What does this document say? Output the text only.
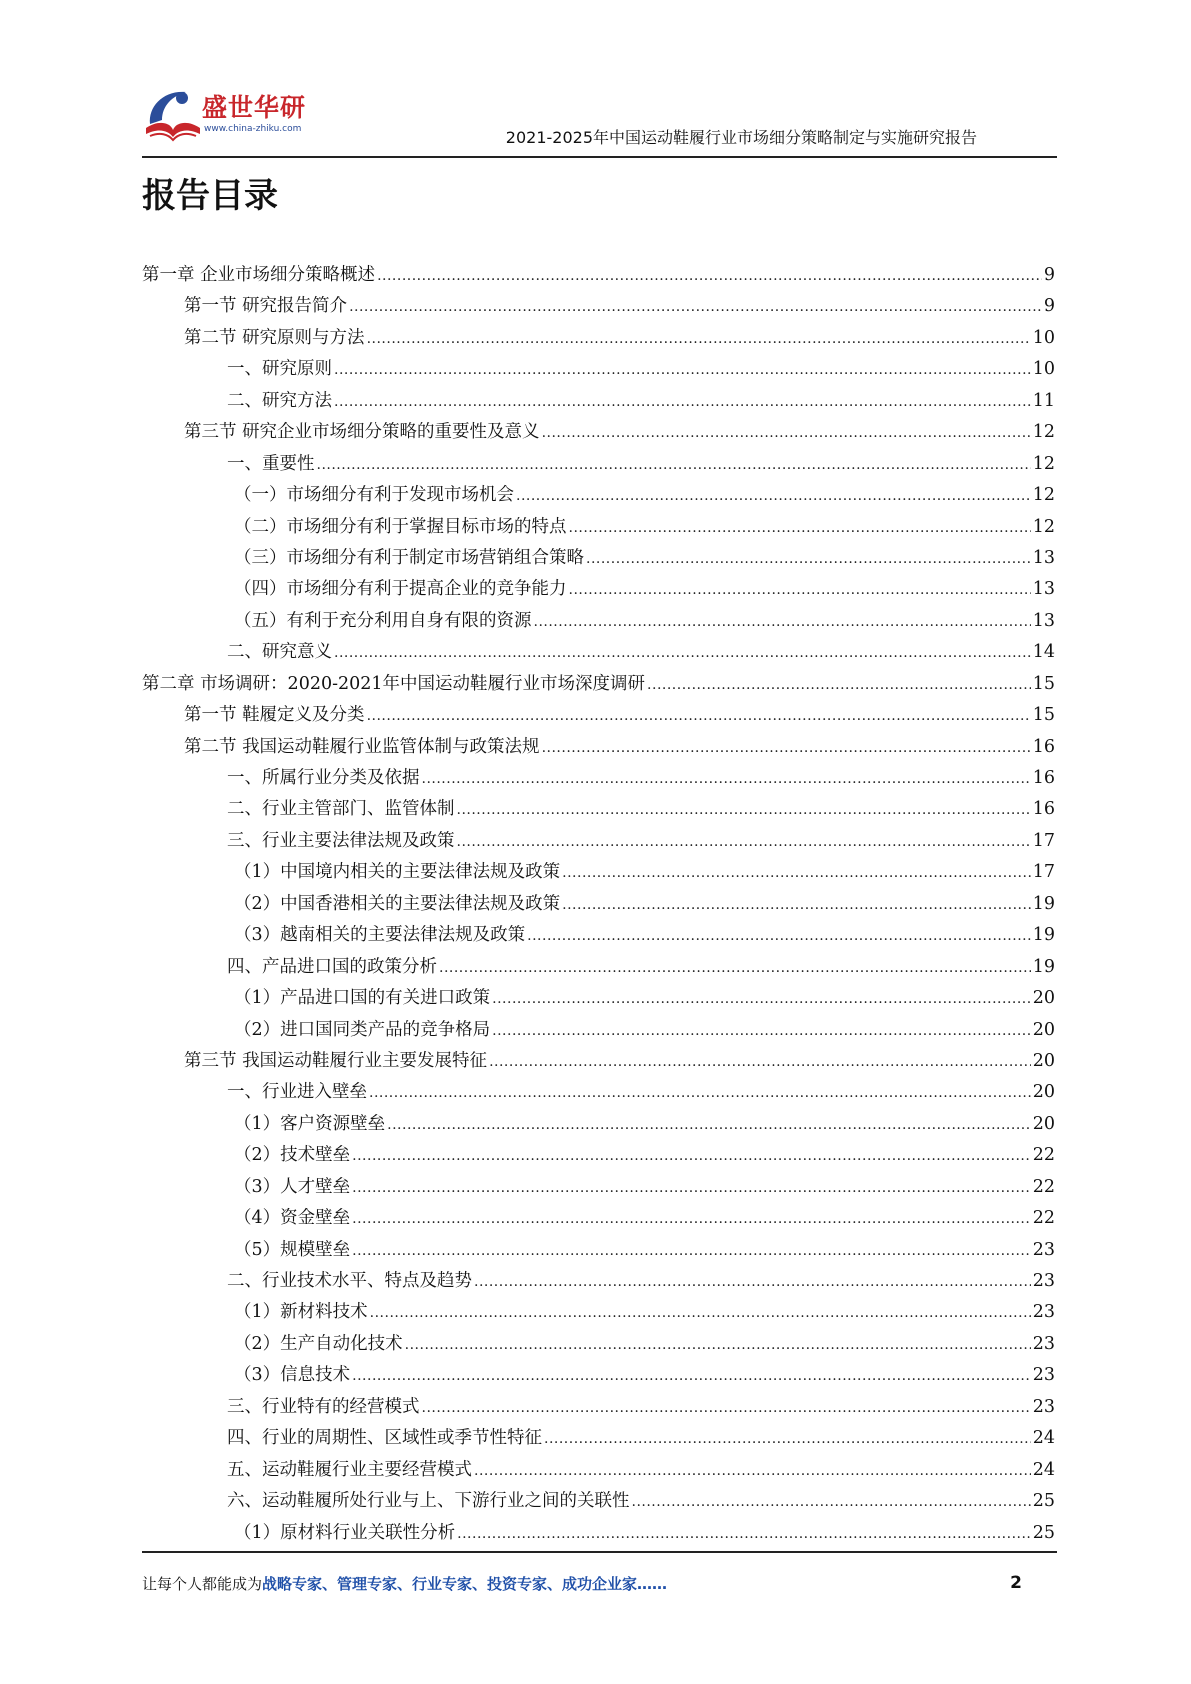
盛世华研
www.china-zhiku.com	2021-2025年中国运动鞋履行业市场细分策略制定与实施研究报告
报告目录
第一章 企业市场细分策略概述 .....	9
第一节 研究报告简介 .....	9
第二节 研究原则与方法 .....	10
一、研究原则 .....	10
二、研究方法 .....	11
第三节 研究企业市场细分策略的重要性及意义 .....	12
一、重要性 .....	12
（一）市场细分有利于发现市场机会 .....	12
（二）市场细分有利于掌握目标市场的特点 .....	12
（三）市场细分有利于制定市场营销组合策略 .....	13
（四）市场细分有利于提高企业的竞争能力 .....	13
（五）有利于充分利用自身有限的资源 .....	13
二、研究意义 .....	14
第二章 市场调研：2020-2021年中国运动鞋履行业市场深度调研 .....	15
第一节 鞋履定义及分类 .....	15
第二节 我国运动鞋履行业监管体制与政策法规 .....	16
一、所属行业分类及依据 .....	16
二、行业主管部门、监管体制 .....	16
三、行业主要法律法规及政策 .....	17
（1）中国境内相关的主要法律法规及政策 .....	17
（2）中国香港相关的主要法律法规及政策 .....	19
（3）越南相关的主要法律法规及政策 .....	19
四、产品进口国的政策分析 .....	19
（1）产品进口国的有关进口政策 .....	20
（2）进口国同类产品的竞争格局 .....	20
第三节 我国运动鞋履行业主要发展特征 .....	20
一、行业进入壁垒 .....	20
（1）客户资源壁垒 .....	20
（2）技术壁垒 .....	22
（3）人才壁垒 .....	22
（4）资金壁垒 .....	22
（5）规模壁垒 .....	23
二、行业技术水平、特点及趋势 .....	23
（1）新材料技术 .....	23
（2）生产自动化技术 .....	23
（3）信息技术 .....	23
三、行业特有的经营模式 .....	23
四、行业的周期性、区域性或季节性特征 .....	24
五、运动鞋履行业主要经营模式 .....	24
六、运动鞋履所处行业与上、下游行业之间的关联性 .....	25
（1）原材料行业关联性分析 .....	25
让每个人都能成为战略专家、管理专家、行业专家、投资专家、成功企业家……	2
